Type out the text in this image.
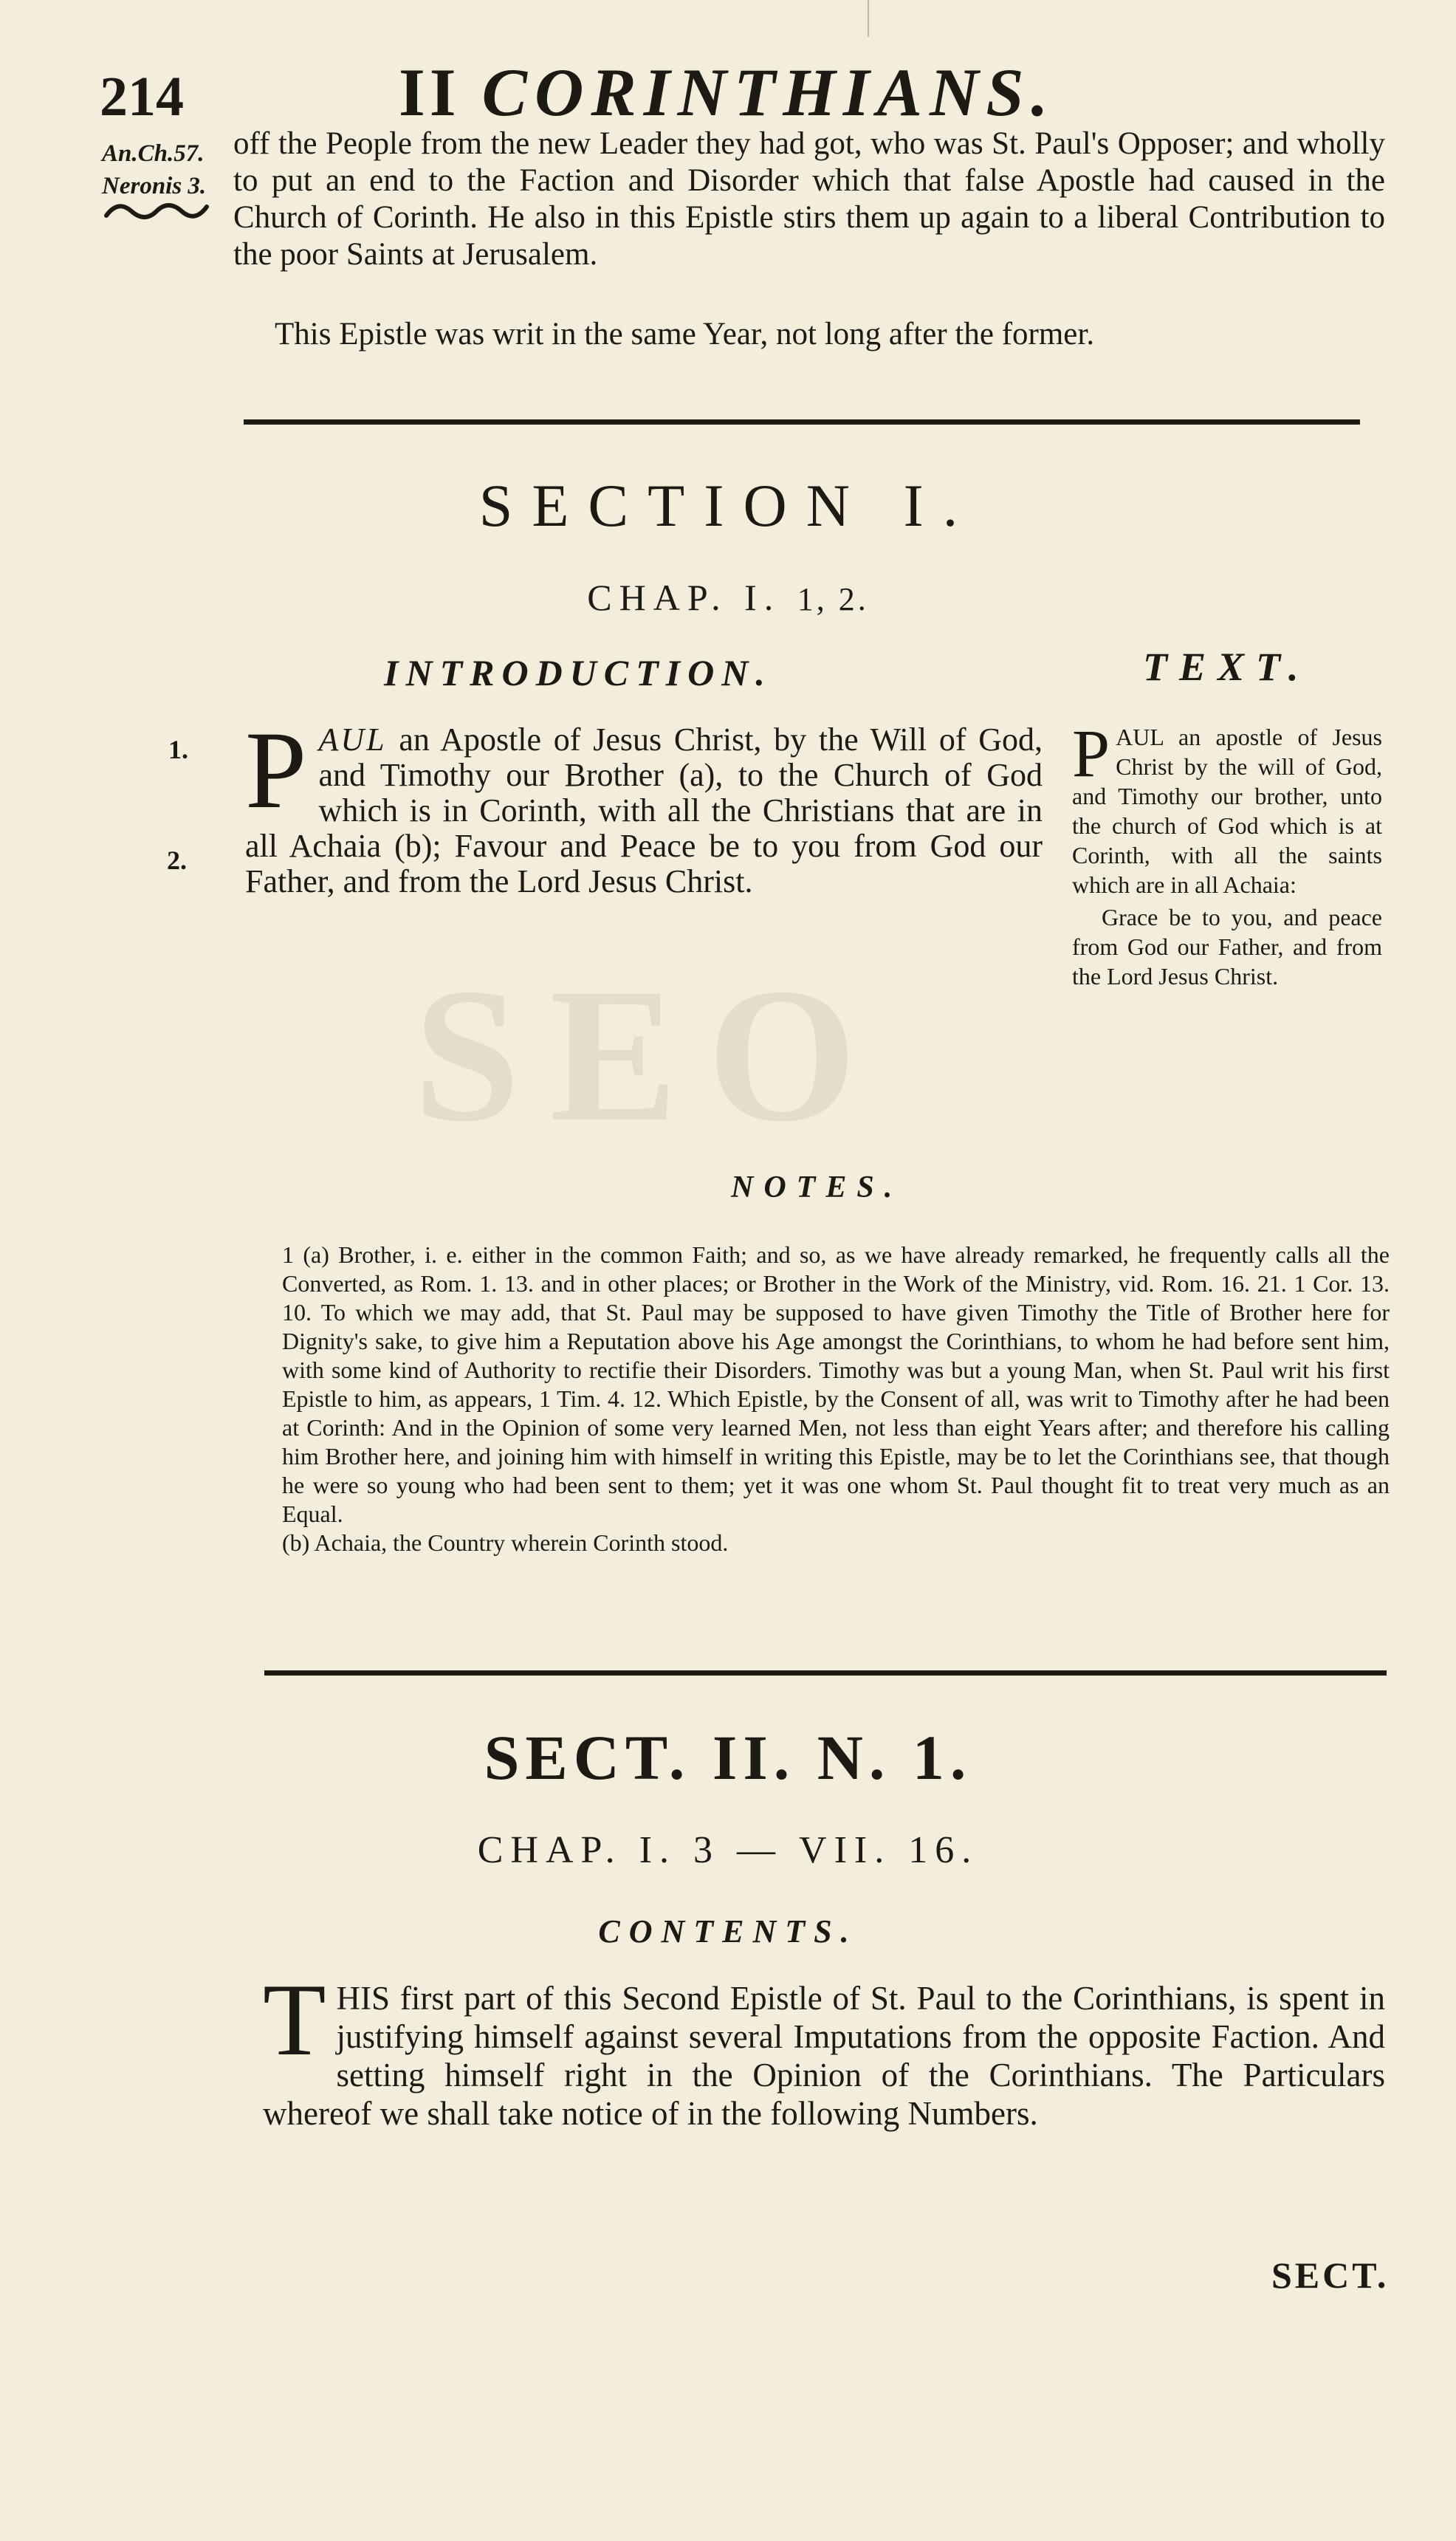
SEO
214	II CORINTHIANS.
An.Ch.57.
Neronis 3.
off the People from the new Leader they had got, who was St. Paul's Opposer; and wholly to put an end to the Faction and Disorder which that false Apostle had caused in the Church of Corinth. He also in this Epistle stirs them up again to a liberal Contribution to the poor Saints at Jerusalem.
This Epistle was writ in the same Year, not long after the former.
SECTION I.
CHAP. I. 1, 2.
INTRODUCTION.	TEXT.
1.
2.
P AUL an Apostle of Jesus Christ, by the Will of God, and Timothy our Brother (a), to the Church of God which is in Corinth, with all the Christians that are in all Achaia (b); Favour and Peace be to you from God our Father, and from the Lord Jesus Christ.
P AUL an apostle of Jesus Christ by the will of God, and Timothy our brother, unto the church of God which is at Corinth, with all the saints which are in all Achaia:
Grace be to you, and peace from God our Father, and from the Lord Jesus Christ.
NOTES.

1 (a) Brother, i. e. either in the common Faith; and so, as we have already remarked, he frequently calls all the Converted, as Rom. 1. 13. and in other places; or Brother in the Work of the Ministry, vid. Rom. 16. 21. 1 Cor. 13. 10. To which we may add, that St. Paul may be supposed to have given Timothy the Title of Brother here for Dignity's sake, to give him a Reputation above his Age amongst the Corinthians, to whom he had before sent him, with some kind of Authority to rectifie their Disorders. Timothy was but a young Man, when St. Paul writ his first Epistle to him, as appears, 1 Tim. 4. 12. Which Epistle, by the Consent of all, was writ to Timothy after he had been at Corinth: And in the Opinion of some very learned Men, not less than eight Years after; and therefore his calling him Brother here, and joining him with himself in writing this Epistle, may be to let the Corinthians see, that though he were so young who had been sent to them; yet it was one whom St. Paul thought fit to treat very much as an Equal.

(b) Achaia, the Country wherein Corinth stood.

SECT. II. N. 1.
CHAP. I. 3 — VII. 16.
CONTENTS.
T HIS first part of this Second Epistle of St. Paul to the Corinthians, is spent in justifying himself against several Imputations from the opposite Faction. And setting himself right in the Opinion of the Corinthians. The Particulars whereof we shall take notice of in the following Numbers.
SECT.
